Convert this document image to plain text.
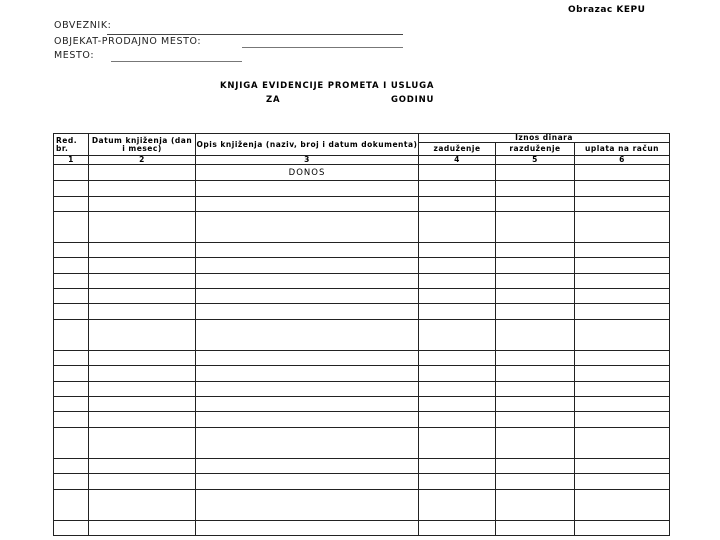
Obrazac KEPU
OBVEZNIK:
OBJEKAT-PRODAJNO MESTO:
MESTO:
KNJIGA EVIDENCIJE PROMETA I USLUGA
ZA	GODINU
Red. br.	Datum knjiženja (dan i mesec)	Opis knjiženja (naziv, broj i datum dokumenta)	Iznos dinara		
			zaduženje	razduženje	uplata na račun
1	2	3	4	5	6
		DONOS			
